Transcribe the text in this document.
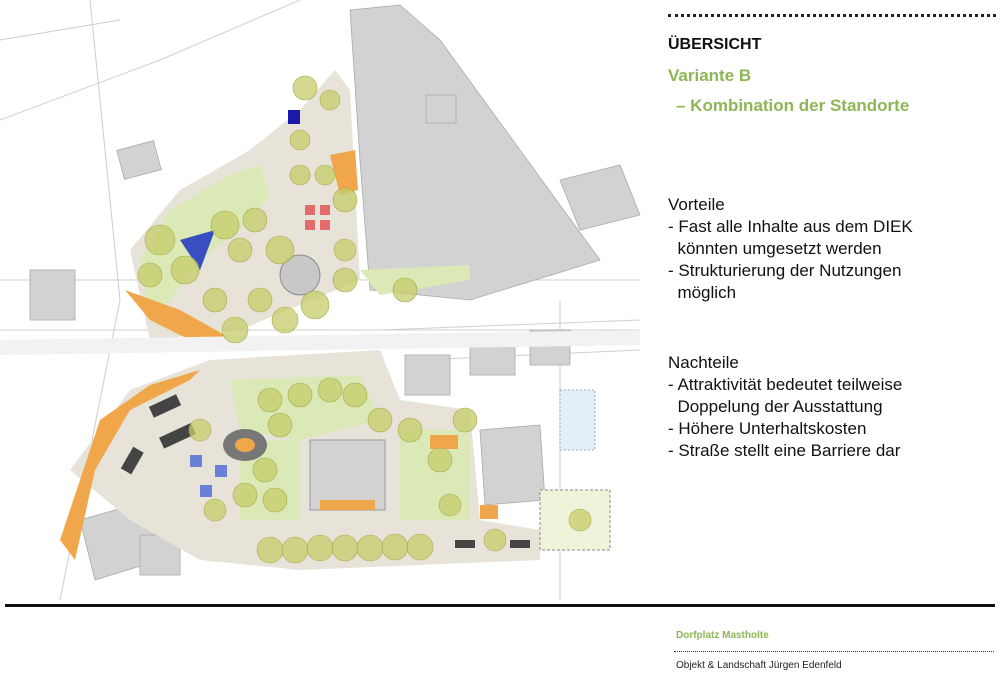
ÜBERSICHT
Variante B
– Kombination der Standorte
Vorteile
- Fast alle Inhalte aus dem DIEK
könnten umgesetzt werden
- Strukturierung der Nutzungen
möglich
Nachteile
- Attraktivität bedeutet teilweise
Doppelung der Ausstattung
- Höhere Unterhaltskosten
- Straße stellt eine Barriere dar
Dorfplatz Mastholte
Objekt & Landschaft Jürgen Edenfeld
